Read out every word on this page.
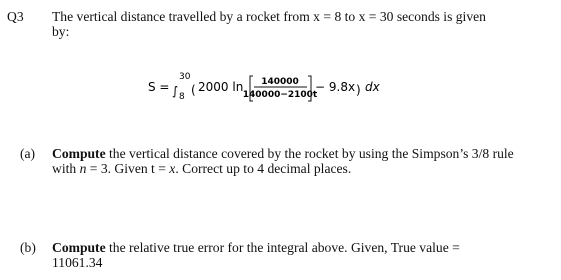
Q3 The vertical distance travelled by a rocket from x = 8 to x = 30 seconds is given
by:
S = ∫
30
8 ( 2000 ln 140000
140000−2100t
− 9.8x ) dx
(a) Compute the vertical distance covered by the rocket by using the Simpson’s 3/8 rule
with n = 3. Given t = x. Correct up to 4 decimal places.
(b) Compute the relative true error for the integral above. Given, True value =
11061.34
